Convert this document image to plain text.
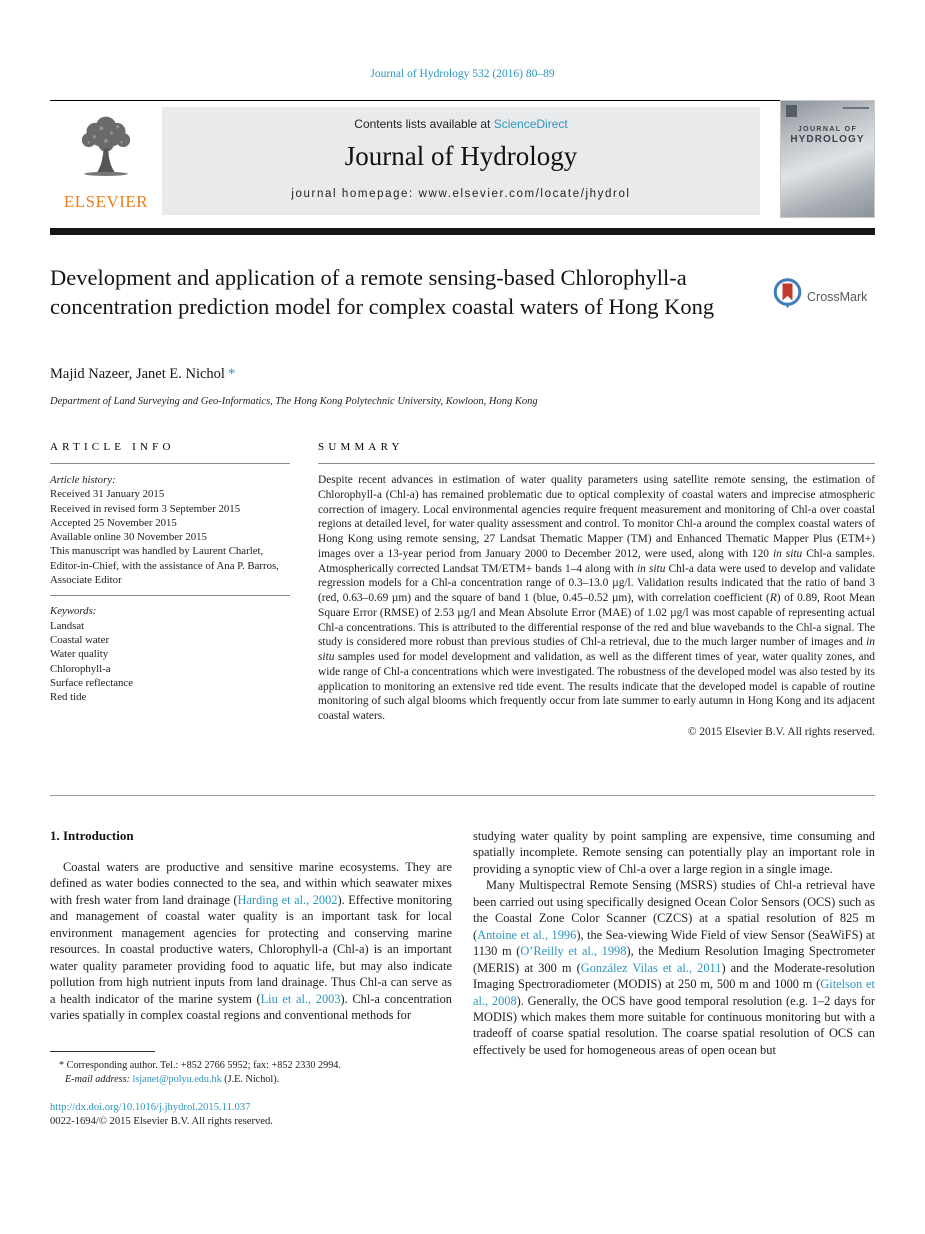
Journal of Hydrology 532 (2016) 80–89
ELSEVIER
Contents lists available at ScienceDirect
Journal of Hydrology
journal homepage: www.elsevier.com/locate/jhydrol
JOURNAL OF
HYDROLOGY
Development and application of a remote sensing-based Chlorophyll-a concentration prediction model for complex coastal waters of Hong Kong	CrossMark
Majid Nazeer, Janet E. Nichol *
Department of Land Surveying and Geo-Informatics, The Hong Kong Polytechnic University, Kowloon, Hong Kong
ARTICLE INFO
Article history:
Received 31 January 2015
Received in revised form 3 September 2015
Accepted 25 November 2015
Available online 30 November 2015
This manuscript was handled by Laurent Charlet, Editor-in-Chief, with the assistance of Ana P. Barros, Associate Editor
Keywords:
Landsat
Coastal water
Water quality
Chlorophyll-a
Surface reflectance
Red tide
SUMMARY
Despite recent advances in estimation of water quality parameters using satellite remote sensing, the estimation of Chlorophyll-a (Chl-a) has remained problematic due to optical complexity of coastal waters and imprecise atmospheric correction of imagery. Local environmental agencies require frequent measurement and monitoring of Chl-a over coastal regions at detailed level, for water quality assessment and control. To monitor Chl-a around the complex coastal waters of Hong Kong using remote sensing, 27 Landsat Thematic Mapper (TM) and Enhanced Thematic Mapper Plus (ETM+) images over a 13-year period from January 2000 to December 2012, were used, along with 120 in situ Chl-a samples. Atmospherically corrected Landsat TM/ETM+ bands 1–4 along with in situ Chl-a data were used to develop and validate regression models for a Chl-a concentration range of 0.3–13.0 µg/l. Validation results indicated that the ratio of band 3 (red, 0.63–0.69 µm) and the square of band 1 (blue, 0.45–0.52 µm), with correlation coefficient (R) of 0.89, Root Mean Square Error (RMSE) of 2.53 µg/l and Mean Absolute Error (MAE) of 1.02 µg/l was most capable of representing actual Chl-a concentrations. This is attributed to the differential response of the red and blue wavebands to the Chl-a signal. The study is considered more robust than previous studies of Chl-a retrieval, due to the much larger number of images and in situ samples used for model development and validation, as well as the different times of year, water quality zones, and wide range of Chl-a concentrations which were investigated. The robustness of the developed model was also tested by its application to monitoring an extensive red tide event. The results indicate that the developed model is capable of routine monitoring of such algal blooms which frequently occur from late summer to early autumn in Hong Kong and its adjacent coastal waters.
© 2015 Elsevier B.V. All rights reserved.
1. Introduction

Coastal waters are productive and sensitive marine ecosystems. They are defined as water bodies connected to the sea, and within which seawater mixes with fresh water from land drainage (Harding et al., 2002). Effective monitoring and management of coastal water quality is an important task for local environment management agencies for protecting and conserving marine resources. In coastal productive waters, Chlorophyll-a (Chl-a) is an important water quality parameter providing food to aquatic life, but may also indicate pollution from high nutrient inputs from land drainage. Thus Chl-a can serve as a health indicator of the marine system (Liu et al., 2003). Chl-a concentration varies spatially in complex coastal regions and conventional methods for

* Corresponding author. Tel.: +852 2766 5952; fax: +852 2330 2994.
E-mail address: lsjanet@polyu.edu.hk (J.E. Nichol).
http://dx.doi.org/10.1016/j.jhydrol.2015.11.037
0022-1694/© 2015 Elsevier B.V. All rights reserved.

studying water quality by point sampling are expensive, time consuming and spatially incomplete. Remote sensing can potentially play an important role in providing a synoptic view of Chl-a over a large region in a single image.

Many Multispectral Remote Sensing (MSRS) studies of Chl-a retrieval have been carried out using specifically designed Ocean Color Sensors (OCS) such as the Coastal Zone Color Scanner (CZCS) at a spatial resolution of 825 m (Antoine et al., 1996), the Sea-viewing Wide Field of view Sensor (SeaWiFS) at 1130 m (O’Reilly et al., 1998), the Medium Resolution Imaging Spectrometer (MERIS) at 300 m (González Vilas et al., 2011) and the Moderate-resolution Imaging Spectroradiometer (MODIS) at 250 m, 500 m and 1000 m (Gitelson et al., 2008). Generally, the OCS have good temporal resolution (e.g. 1–2 days for MODIS) which makes them more suitable for continuous monitoring but with a tradeoff of coarse spatial resolution. The coarse spatial resolution of OCS can effectively be used for homogeneous areas of open ocean but
